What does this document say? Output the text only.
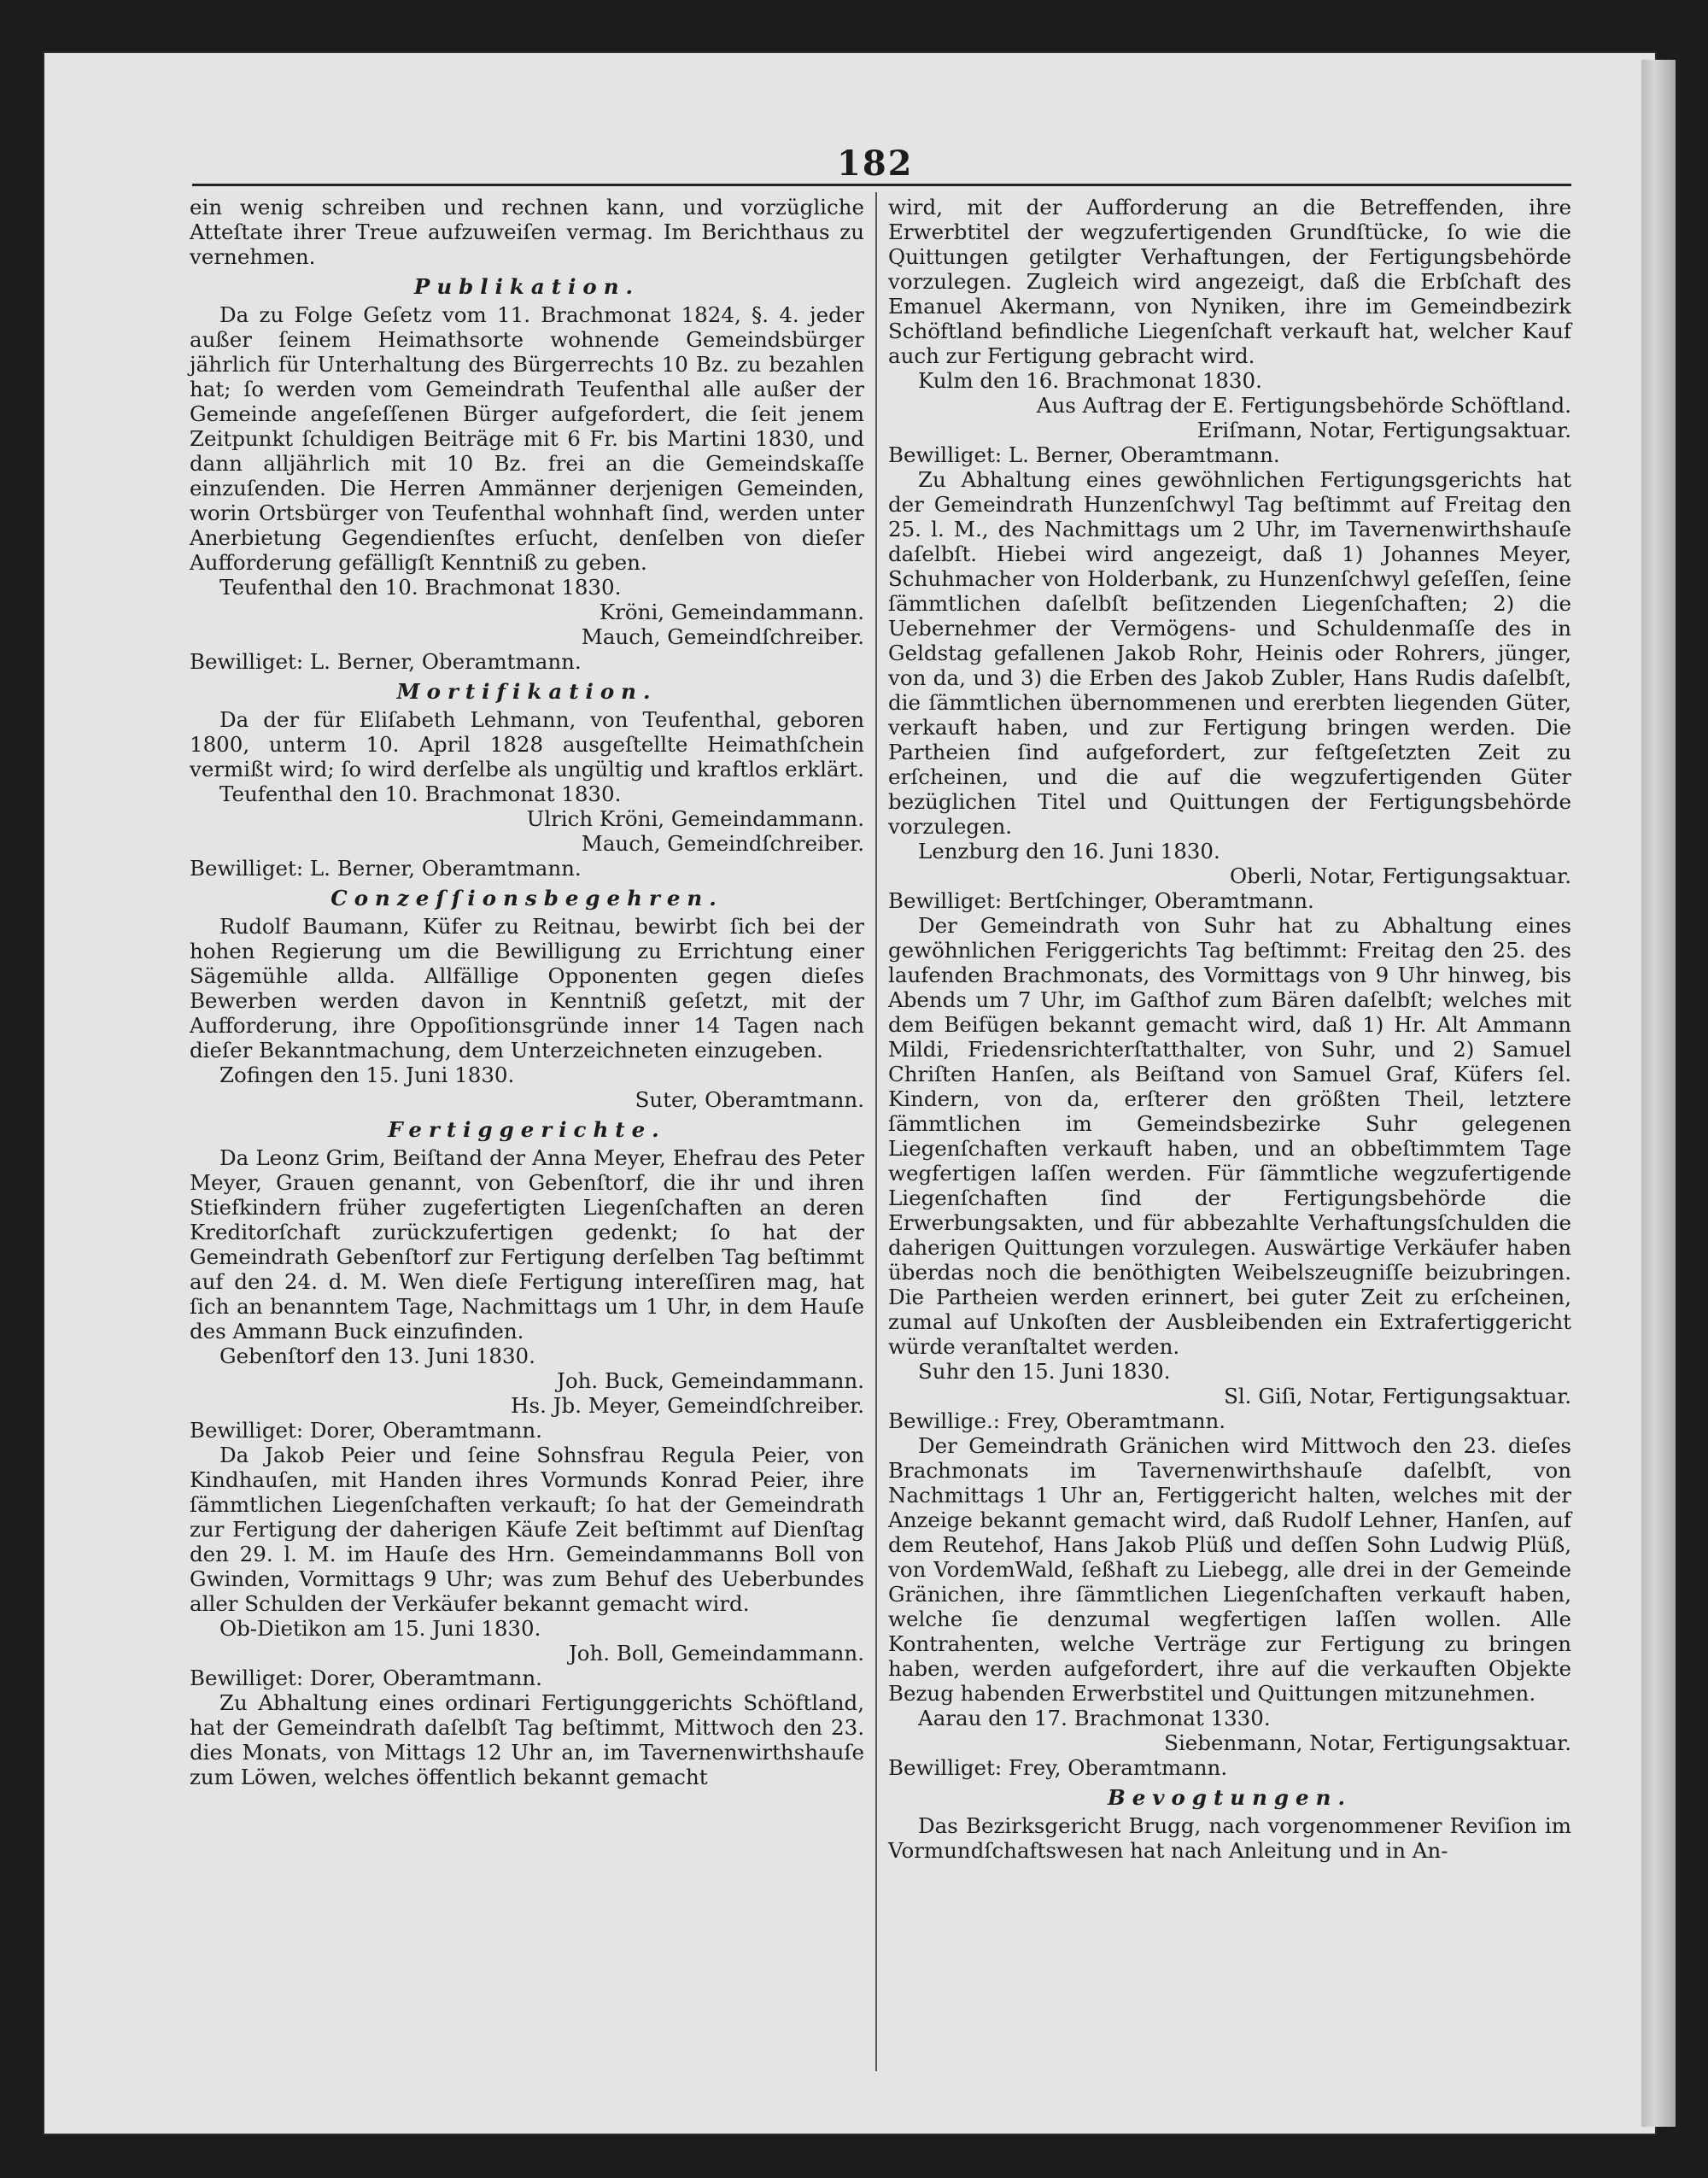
182

ein wenig schreiben und rechnen kann, und vorzügliche Atteſtate ihrer Treue aufzuweiſen vermag. Im Berichthaus zu vernehmen.

Publikation.

Da zu Folge Geſetz vom 11. Brachmonat 1824, §. 4. jeder außer ſeinem Heimathsorte wohnende Gemeindsbürger jährlich für Unterhaltung des Bürgerrechts 10 Bz. zu bezahlen hat; ſo werden vom Gemeindrath Teufenthal alle außer der Gemeinde angeſeſſenen Bürger aufgefordert, die ſeit jenem Zeitpunkt ſchuldigen Beiträge mit 6 Fr. bis Martini 1830, und dann alljährlich mit 10 Bz. frei an die Gemeindskaſſe einzuſenden. Die Herren Ammänner derjenigen Gemeinden, worin Ortsbürger von Teufenthal wohnhaft ſind, werden unter Anerbietung Gegendienſtes erſucht, denſelben von dieſer Aufforderung gefälligſt Kenntniß zu geben.

Teufenthal den 10. Brachmonat 1830.

Kröni, Gemeindammann.

Mauch, Gemeindſchreiber.

Bewilliget: L. Berner, Oberamtmann.

Mortifikation.

Da der für Eliſabeth Lehmann, von Teufenthal, geboren 1800, unterm 10. April 1828 ausgeſtellte Heimathſchein vermißt wird; ſo wird derſelbe als ungültig und kraftlos erklärt.

Teufenthal den 10. Brachmonat 1830.

Ulrich Kröni, Gemeindammann.

Mauch, Gemeindſchreiber.

Bewilliget: L. Berner, Oberamtmann.

Conzeſſionsbegehren.

Rudolf Baumann, Küfer zu Reitnau, bewirbt ſich bei der hohen Regierung um die Bewilligung zu Errichtung einer Sägemühle allda. Allfällige Opponenten gegen dieſes Bewerben werden davon in Kenntniß geſetzt, mit der Aufforderung, ihre Oppoſitionsgründe inner 14 Tagen nach dieſer Bekanntmachung, dem Unterzeichneten einzugeben.

Zofingen den 15. Juni 1830.

Suter, Oberamtmann.

Fertiggerichte.

Da Leonz Grim, Beiſtand der Anna Meyer, Ehefrau des Peter Meyer, Grauen genannt, von Gebenſtorf, die ihr und ihren Stiefkindern früher zugefertigten Liegenſchaften an deren Kreditorſchaft zurückzufertigen gedenkt; ſo hat der Gemeindrath Gebenſtorf zur Fertigung derſelben Tag beſtimmt auf den 24. d. M. Wen dieſe Fertigung intereſſiren mag, hat ſich an benanntem Tage, Nachmittags um 1 Uhr, in dem Hauſe des Ammann Buck einzufinden.

Gebenſtorf den 13. Juni 1830.

Joh. Buck, Gemeindammann.

Hs. Jb. Meyer, Gemeindſchreiber.

Bewilliget: Dorer, Oberamtmann.

Da Jakob Peier und ſeine Sohnsfrau Regula Peier, von Kindhauſen, mit Handen ihres Vormunds Konrad Peier, ihre ſämmtlichen Liegenſchaften verkauft; ſo hat der Gemeindrath zur Fertigung der daherigen Käufe Zeit beſtimmt auf Dienſtag den 29. l. M. im Hauſe des Hrn. Gemeindammanns Boll von Gwinden, Vormittags 9 Uhr; was zum Behuf des Ueberbundes aller Schulden der Verkäufer bekannt gemacht wird.

Ob-Dietikon am 15. Juni 1830.

Joh. Boll, Gemeindammann.

Bewilliget: Dorer, Oberamtmann.

Zu Abhaltung eines ordinari Fertigunggerichts Schöftland, hat der Gemeindrath daſelbſt Tag beſtimmt, Mittwoch den 23. dies Monats, von Mittags 12 Uhr an, im Tavernenwirthshauſe zum Löwen, welches öffentlich bekannt gemacht

wird, mit der Aufforderung an die Betreffenden, ihre Erwerbtitel der wegzufertigenden Grundſtücke, ſo wie die Quittungen getilgter Verhaftungen, der Fertigungsbehörde vorzulegen. Zugleich wird angezeigt, daß die Erbſchaft des Emanuel Akermann, von Nyniken, ihre im Gemeindbezirk Schöftland befindliche Liegenſchaft verkauft hat, welcher Kauf auch zur Fertigung gebracht wird.

Kulm den 16. Brachmonat 1830.

Aus Auftrag der E. Fertigungsbehörde Schöftland.

Eriſmann, Notar, Fertigungsaktuar.

Bewilliget: L. Berner, Oberamtmann.

Zu Abhaltung eines gewöhnlichen Fertigungsgerichts hat der Gemeindrath Hunzenſchwyl Tag beſtimmt auf Freitag den 25. l. M., des Nachmittags um 2 Uhr, im Tavernenwirthshauſe daſelbſt. Hiebei wird angezeigt, daß 1) Johannes Meyer, Schuhmacher von Holderbank, zu Hunzenſchwyl geſeſſen, ſeine ſämmtlichen daſelbſt beſitzenden Liegenſchaften; 2) die Uebernehmer der Vermögens- und Schuldenmaſſe des in Geldstag gefallenen Jakob Rohr, Heinis oder Rohrers, jünger, von da, und 3) die Erben des Jakob Zubler, Hans Rudis daſelbſt, die ſämmtlichen übernommenen und ererbten liegenden Güter, verkauft haben, und zur Fertigung bringen werden. Die Partheien ſind aufgefordert, zur feſtgeſetzten Zeit zu erſcheinen, und die auf die wegzufertigenden Güter bezüglichen Titel und Quittungen der Fertigungsbehörde vorzulegen.

Lenzburg den 16. Juni 1830.

Oberli, Notar, Fertigungsaktuar.

Bewilliget: Bertſchinger, Oberamtmann.

Der Gemeindrath von Suhr hat zu Abhaltung eines gewöhnlichen Feriggerichts Tag beſtimmt: Freitag den 25. des laufenden Brachmonats, des Vormittags von 9 Uhr hinweg, bis Abends um 7 Uhr, im Gaſthof zum Bären daſelbſt; welches mit dem Beifügen bekannt gemacht wird, daß 1) Hr. Alt Ammann Mildi, Friedensrichterſtatthalter, von Suhr, und 2) Samuel Chriſten Hanſen, als Beiſtand von Samuel Graf, Küfers ſel. Kindern, von da, erſterer den größten Theil, letztere ſämmtlichen im Gemeindsbezirke Suhr gelegenen Liegenſchaften verkauft haben, und an obbeſtimmtem Tage wegfertigen laſſen werden. Für ſämmtliche wegzufertigende Liegenſchaften ſind der Fertigungsbehörde die Erwerbungsakten, und für abbezahlte Verhaftungsſchulden die daherigen Quittungen vorzulegen. Auswärtige Verkäufer haben überdas noch die benöthigten Weibelszeugniſſe beizubringen. Die Partheien werden erinnert, bei guter Zeit zu erſcheinen, zumal auf Unkoſten der Ausbleibenden ein Extrafertiggericht würde veranſtaltet werden.

Suhr den 15. Juni 1830.

Sl. Giſi, Notar, Fertigungsaktuar.

Bewillige.: Frey, Oberamtmann.

Der Gemeindrath Gränichen wird Mittwoch den 23. dieſes Brachmonats im Tavernenwirthshauſe daſelbſt, von Nachmittags 1 Uhr an, Fertiggericht halten, welches mit der Anzeige bekannt gemacht wird, daß Rudolf Lehner, Hanſen, auf dem Reutehof, Hans Jakob Plüß und deſſen Sohn Ludwig Plüß, von VordemWald, ſeßhaft zu Liebegg, alle drei in der Gemeinde Gränichen, ihre ſämmtlichen Liegenſchaften verkauft haben, welche ſie denzumal wegfertigen laſſen wollen. Alle Kontrahenten, welche Verträge zur Fertigung zu bringen haben, werden aufgefordert, ihre auf die verkauften Objekte Bezug habenden Erwerbstitel und Quittungen mitzunehmen.

Aarau den 17. Brachmonat 1330.

Siebenmann, Notar, Fertigungsaktuar.

Bewilliget: Frey, Oberamtmann.

Bevogtungen.

Das Bezirksgericht Brugg, nach vorgenommener Reviſion im Vormundſchaftswesen hat nach Anleitung und in An-
